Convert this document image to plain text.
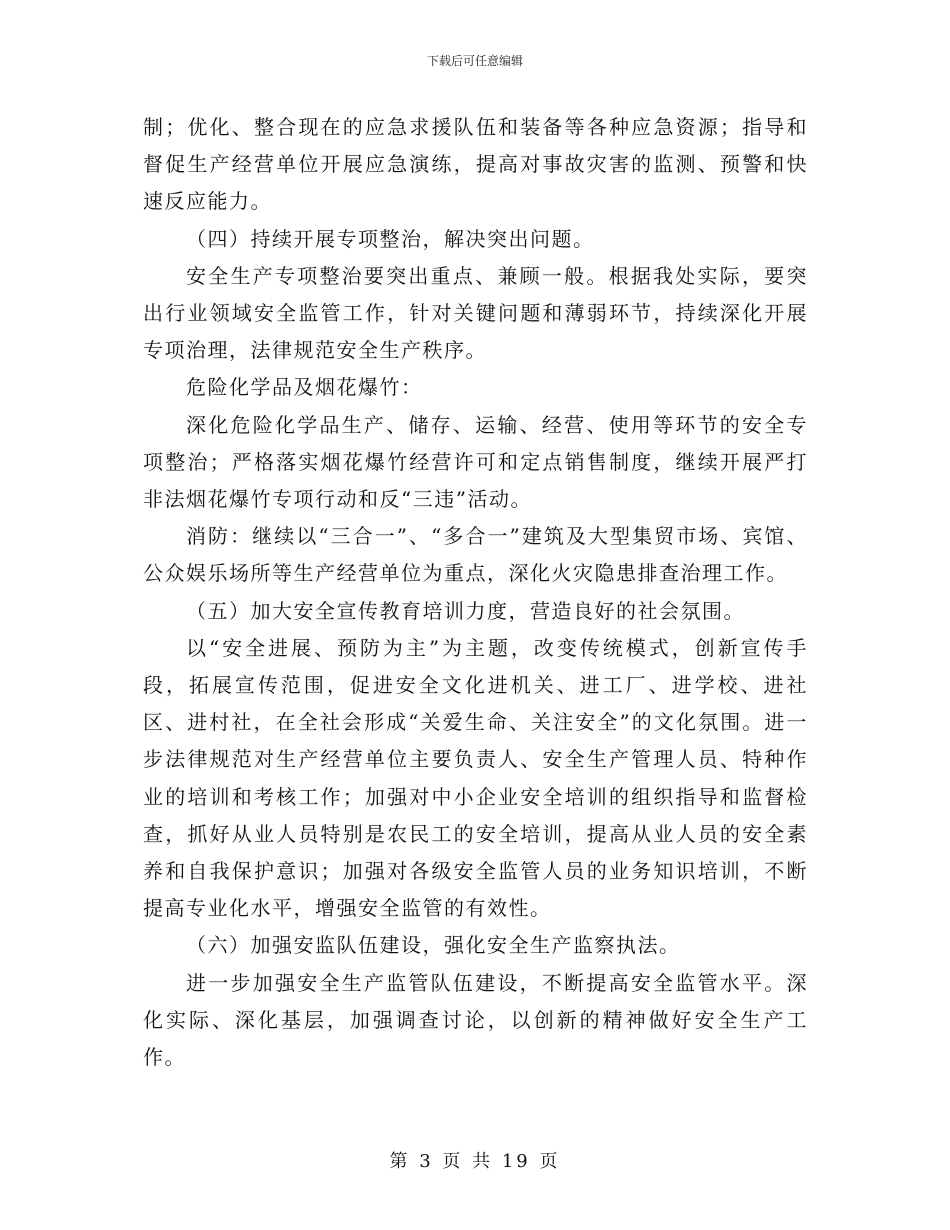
下载后可任意编辑

制；优化、整合现在的应急求援队伍和装备等各种应急资源；指导和督促生产经营单位开展应急演练，提高对事故灾害的监测、预警和快速反应能力。

（四）持续开展专项整治，解决突出问题。

安全生产专项整治要突出重点、兼顾一般。根据我处实际，要突出行业领域安全监管工作，针对关键问题和薄弱环节，持续深化开展专项治理，法律规范安全生产秩序。

危险化学品及烟花爆竹：

深化危险化学品生产、储存、运输、经营、使用等环节的安全专项整治；严格落实烟花爆竹经营许可和定点销售制度，继续开展严打非法烟花爆竹专项行动和反“三违”活动。

消防：继续以“三合一”、“多合一”建筑及大型集贸市场、宾馆、公众娱乐场所等生产经营单位为重点，深化火灾隐患排查治理工作。

（五）加大安全宣传教育培训力度，营造良好的社会氛围。

以“安全进展、预防为主”为主题，改变传统模式，创新宣传手段，拓展宣传范围，促进安全文化进机关、进工厂、进学校、进社区、进村社，在全社会形成“关爱生命、关注安全”的文化氛围。进一步法律规范对生产经营单位主要负责人、安全生产管理人员、特种作业的培训和考核工作；加强对中小企业安全培训的组织指导和监督检查，抓好从业人员特别是农民工的安全培训，提高从业人员的安全素养和自我保护意识；加强对各级安全监管人员的业务知识培训，不断提高专业化水平，增强安全监管的有效性。

（六）加强安监队伍建设，强化安全生产监察执法。

进一步加强安全生产监管队伍建设，不断提高安全监管水平。深化实际、深化基层，加强调查讨论，以创新的精神做好安全生产工作。

第 3 页 共 19 页
